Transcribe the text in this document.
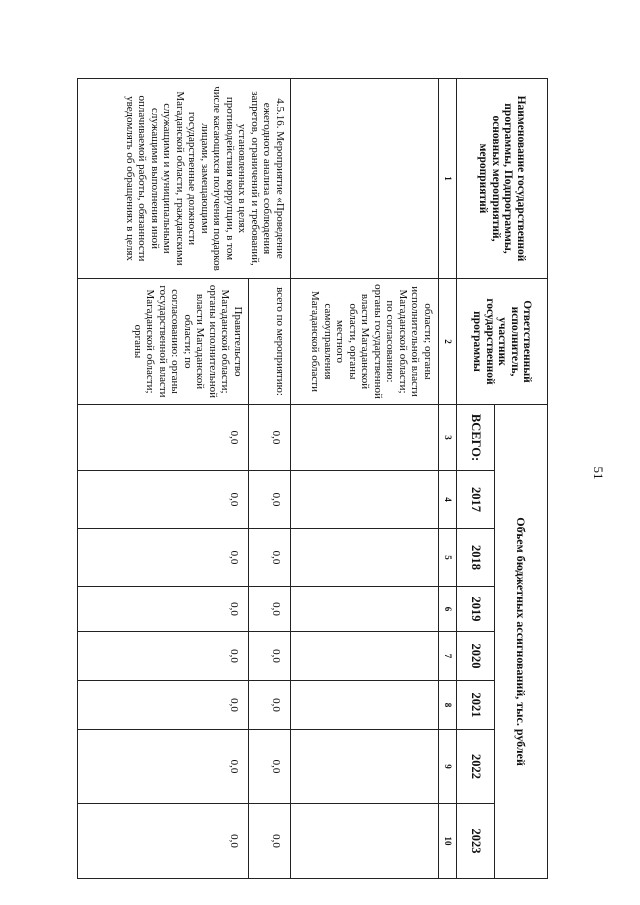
51
Наименование государственной программы, Подпрограммы, основных мероприятий, мероприятий	Ответственный исполнитель, участник государственной программы	Объем бюджетных ассигнований, тыс. рублей							
		ВСЕГО:	2017	2018	2019	2020	2021	2022	2023
1	2	3	4	5	6	7	8	9	10
	области; органы исполнительной власти Магаданской области; по согласованию: органы государственной власти Магаданской области, органы местного самоуправления Магаданской области								
4.5.16. Мероприятие «Проведение ежегодного анализа соблюдения запретов, ограничений и требований, установленных в целях противодействия коррупции, в том числе касающихся получения подарков лицами, замещающими государственные должности Магаданской области, гражданскими служащими и муниципальными служащими выполнения иной оплачиваемой работы, обязанности уведомлять об обращениях в целях	всего по мероприятию:	0,0	0,0	0,0	0,0	0,0	0,0	0,0	0,0
	Правительство Магаданской области; органы исполнительной власти Магаданской области; по согласованию: органы государственной власти Магаданской области; органы	0,0	0,0	0,0	0,0	0,0	0,0	0,0	0,0
